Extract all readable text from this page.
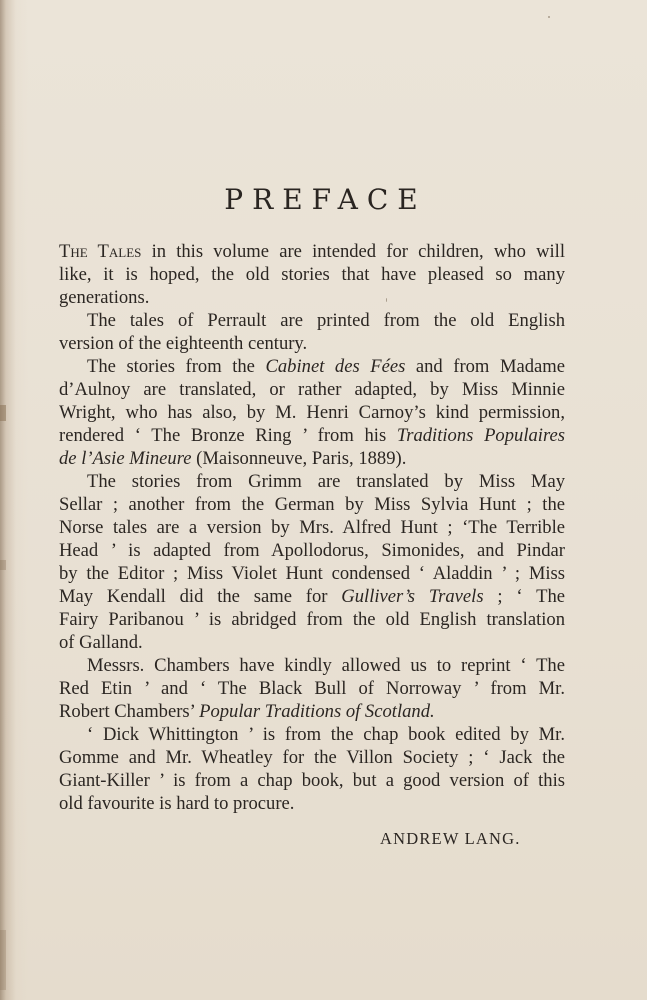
PREFACE
The Tales in this volume are intended for children, who will
like, it is hoped, the old stories that have pleased so many
generations.
The tales of Perrault are printed from the old English
version of the eighteenth century.
The stories from the Cabinet des Fées and from Madame
d’Aulnoy are translated, or rather adapted, by Miss Minnie
Wright, who has also, by M. Henri Carnoy’s kind permission,
rendered ‘ The Bronze Ring ’ from his Traditions Populaires
de l’Asie Mineure (Maisonneuve, Paris, 1889).
The stories from Grimm are translated by Miss May
Sellar ; another from the German by Miss Sylvia Hunt ; the
Norse tales are a version by Mrs. Alfred Hunt ; ‘The Terrible
Head ’ is adapted from Apollodorus, Simonides, and Pindar
by the Editor ; Miss Violet Hunt condensed ‘ Aladdin ’ ; Miss
May Kendall did the same for Gulliver’s Travels ; ‘ The
Fairy Paribanou ’ is abridged from the old English translation
of Galland.
Messrs. Chambers have kindly allowed us to reprint ‘ The
Red Etin ’ and ‘ The Black Bull of Norroway ’ from Mr.
Robert Chambers’ Popular Traditions of Scotland.
‘ Dick Whittington ’ is from the chap book edited by Mr.
Gomme and Mr. Wheatley for the Villon Society ; ‘ Jack the
Giant-Killer ’ is from a chap book, but a good version of this
old favourite is hard to procure.
ANDREW LANG.
